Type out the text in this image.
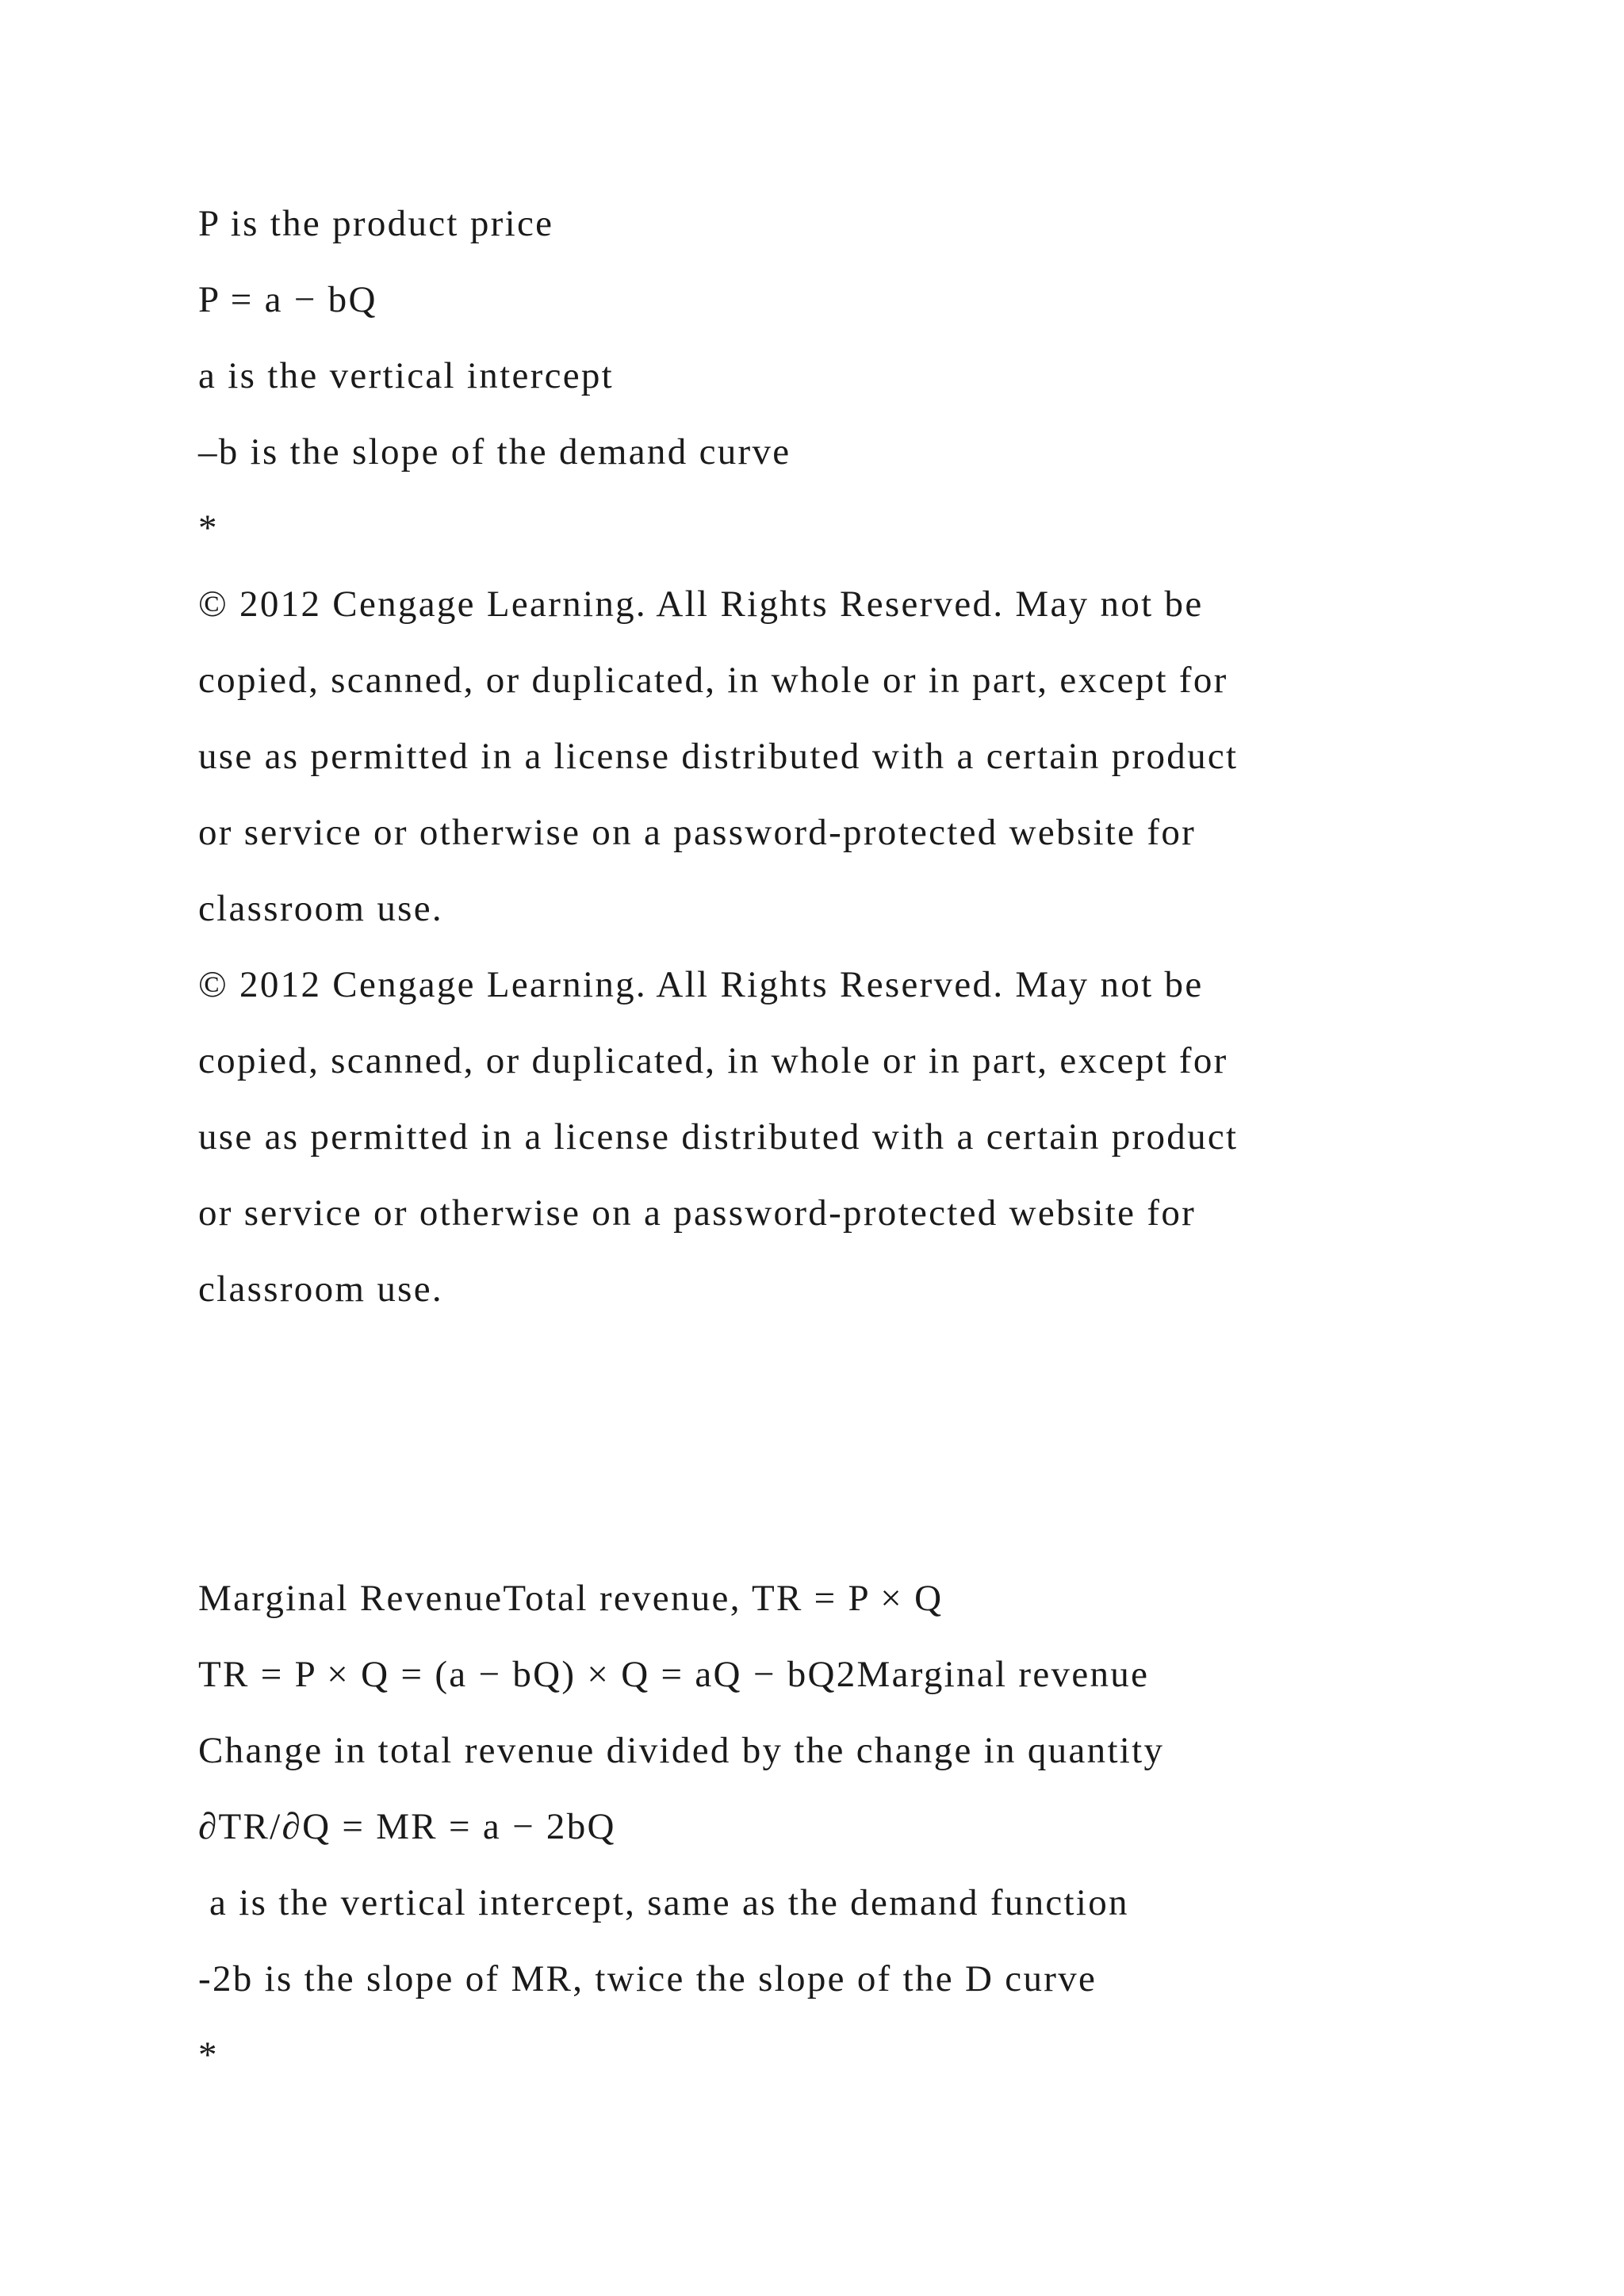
P is the product price
P = a − bQ
a is the vertical intercept
–b is the slope of the demand curve
*
© 2012 Cengage Learning. All Rights Reserved. May not be
copied, scanned, or duplicated, in whole or in part, except for
use as permitted in a license distributed with a certain product
or service or otherwise on a password-protected website for
classroom use.
© 2012 Cengage Learning. All Rights Reserved. May not be
copied, scanned, or duplicated, in whole or in part, except for
use as permitted in a license distributed with a certain product
or service or otherwise on a password-protected website for
classroom use.
Marginal RevenueTotal revenue, TR = P × Q
TR = P × Q = (a − bQ) × Q = aQ − bQ2Marginal revenue
Change in total revenue divided by the change in quantity
∂TR/∂Q = MR = a − 2bQ
a is the vertical intercept, same as the demand function
-2b is the slope of MR, twice the slope of the D curve
*
